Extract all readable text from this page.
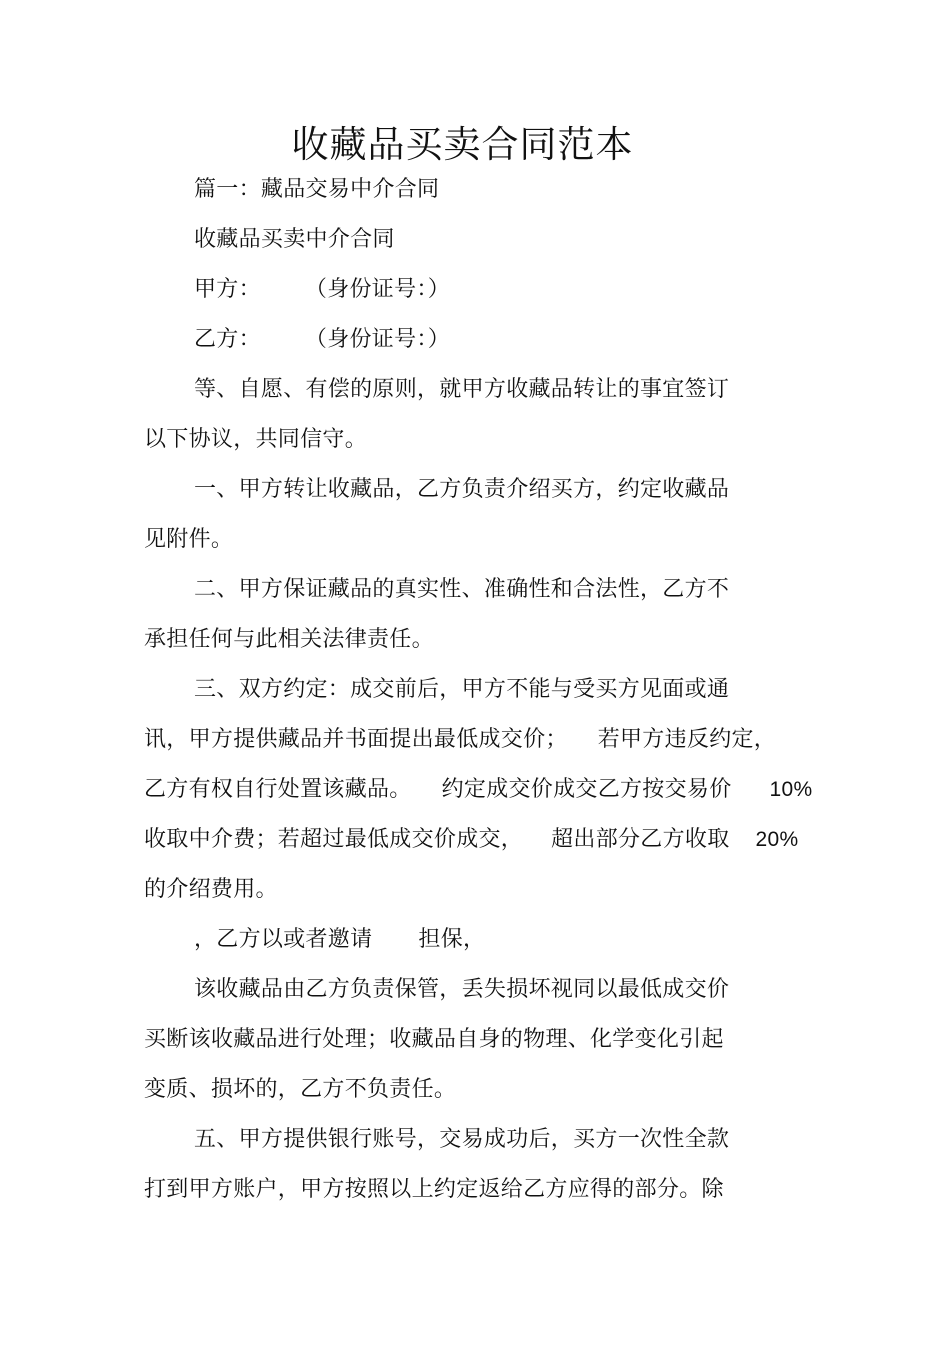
收藏品买卖合同范本
篇一：藏品交易中介合同
收藏品买卖中介合同
甲方： （身份证号：）
乙方： （身份证号：）
等、自愿、有偿的原则，就甲方收藏品转让的事宜签订
以下协议，共同信守。
一、甲方转让收藏品，乙方负责介绍买方，约定收藏品
见附件。
二、甲方保证藏品的真实性、准确性和合法性，乙方不
承担任何与此相关法律责任。
三、双方约定：成交前后，甲方不能与受买方见面或通
讯，甲方提供藏品并书面提出最低成交价； 若甲方违反约定，
乙方有权自行处置该藏品。 约定成交价成交乙方按交易价 10%
收取中介费；若超过最低成交价成交， 超出部分乙方收取 20%
的介绍费用。
，乙方以或者邀请 担保，
该收藏品由乙方负责保管，丢失损坏视同以最低成交价
买断该收藏品进行处理；收藏品自身的物理、化学变化引起
变质、损坏的，乙方不负责任。
五、甲方提供银行账号，交易成功后，买方一次性全款
打到甲方账户，甲方按照以上约定返给乙方应得的部分。除
